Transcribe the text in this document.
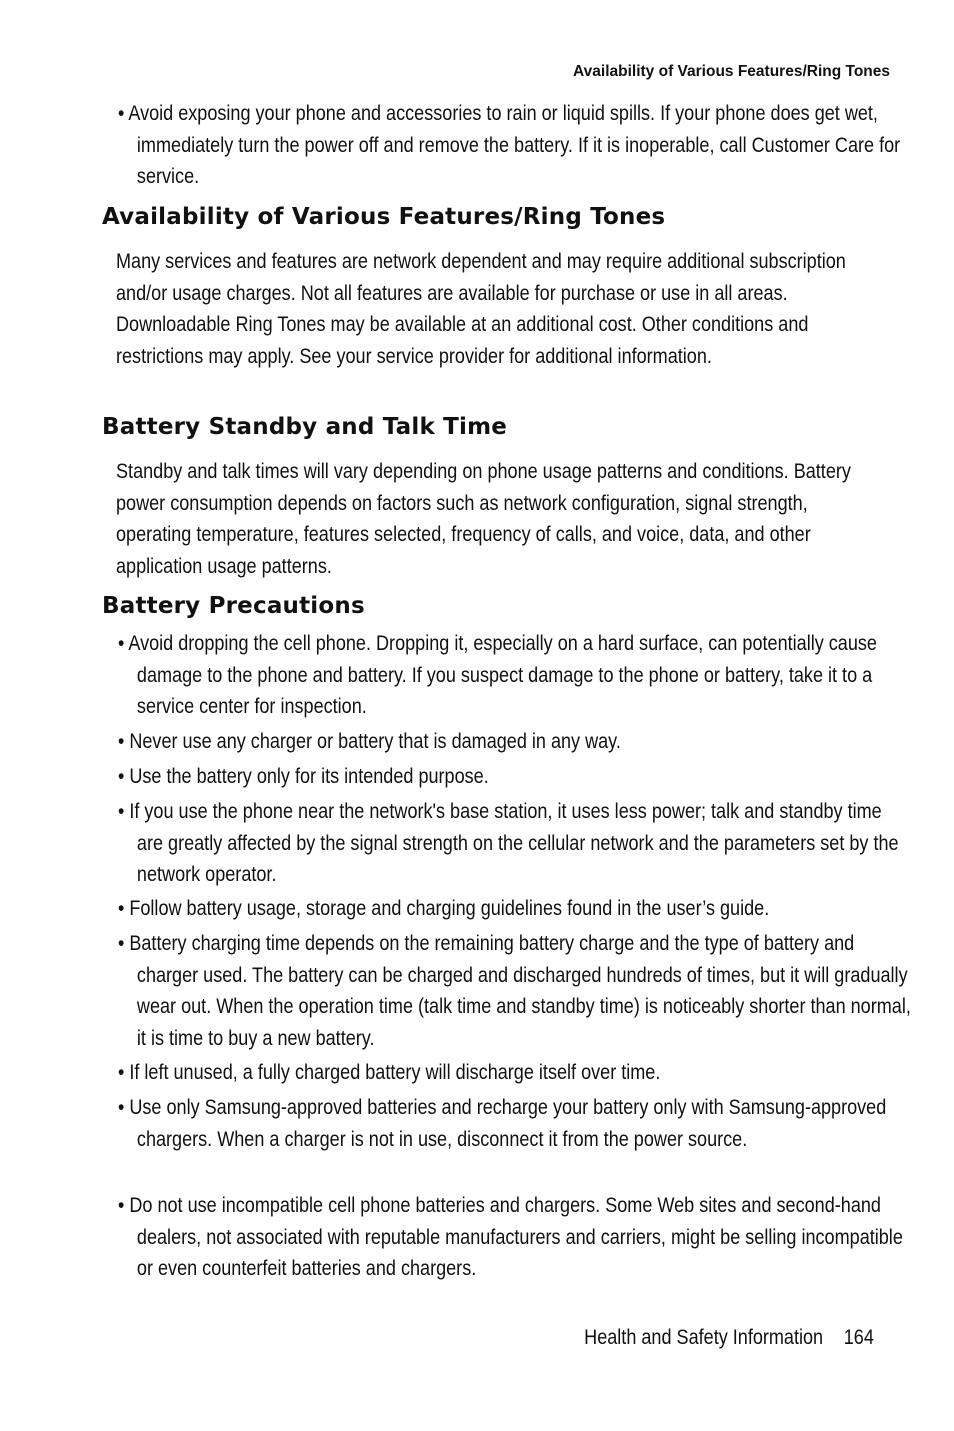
Availability of Various Features/Ring Tones

• Avoid exposing your phone and accessories to rain or liquid spills. If your phone does get wet, immediately turn the power off and remove the battery. If it is inoperable, call Customer Care for service.

Availability of Various Features/Ring Tones

Many services and features are network dependent and may require additional subscription and/or usage charges. Not all features are available for purchase or use in all areas. Downloadable Ring Tones may be available at an additional cost. Other conditions and restrictions may apply. See your service provider for additional information.

Battery Standby and Talk Time

Standby and talk times will vary depending on phone usage patterns and conditions. Battery power consumption depends on factors such as network configuration, signal strength, operating temperature, features selected, frequency of calls, and voice, data, and other application usage patterns.

Battery Precautions

• Avoid dropping the cell phone. Dropping it, especially on a hard surface, can potentially cause damage to the phone and battery. If you suspect damage to the phone or battery, take it to a service center for inspection.

• Never use any charger or battery that is damaged in any way.

• Use the battery only for its intended purpose.

• If you use the phone near the network's base station, it uses less power; talk and standby time are greatly affected by the signal strength on the cellular network and the parameters set by the network operator.

• Follow battery usage, storage and charging guidelines found in the user’s guide.

• Battery charging time depends on the remaining battery charge and the type of battery and charger used. The battery can be charged and discharged hundreds of times, but it will gradually wear out. When the operation time (talk time and standby time) is noticeably shorter than normal, it is time to buy a new battery.

• If left unused, a fully charged battery will discharge itself over time.

• Use only Samsung-approved batteries and recharge your battery only with Samsung-approved chargers. When a charger is not in use, disconnect it from the power source.

• Do not use incompatible cell phone batteries and chargers. Some Web sites and second-hand dealers, not associated with reputable manufacturers and carriers, might be selling incompatible or even counterfeit batteries and chargers.

Health and Safety Information 164
